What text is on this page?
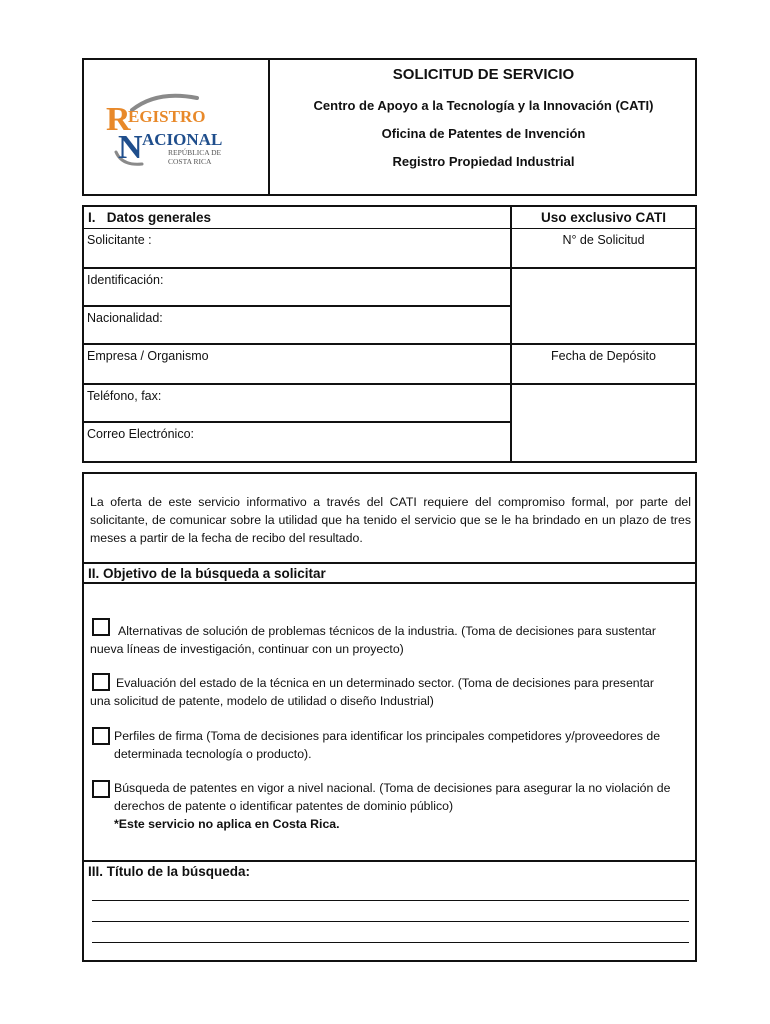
R
EGISTRO
N ACIONAL
REPÚBLICA DE
COSTA RICA
SOLICITUD DE SERVICIO
Centro de Apoyo a la Tecnología y la Innovación (CATI)
Oficina de Patentes de Invención
Registro Propiedad Industrial
I.   Datos generales	Uso exclusivo CATI
Solicitante :
Identificación:
Nacionalidad:
Empresa / Organismo
Teléfono, fax:
Correo Electrónico:
N° de Solicitud
Fecha de Depósito
La oferta de este servicio informativo a través del CATI requiere del compromiso formal, por parte del solicitante, de comunicar sobre la utilidad que ha tenido el servicio que se le ha brindado en un plazo de tres meses a partir de la fecha de recibo del resultado.
II. Objetivo de la búsqueda a solicitar
Alternativas de solución de problemas técnicos de la industria. (Toma de decisiones para sustentar
nueva líneas de investigación, continuar con un proyecto)
Evaluación del estado de la técnica en un determinado sector. (Toma de decisiones para presentar
una solicitud de patente, modelo de utilidad o diseño Industrial)
Perfiles de firma (Toma de decisiones para identificar los principales competidores y/proveedores de
determinada tecnología o producto).
Búsqueda de patentes en vigor a nivel nacional. (Toma de decisiones para asegurar la no violación de
derechos de patente o identificar patentes de dominio público)
*Este servicio no aplica en Costa Rica.
III. Título de la búsqueda:
